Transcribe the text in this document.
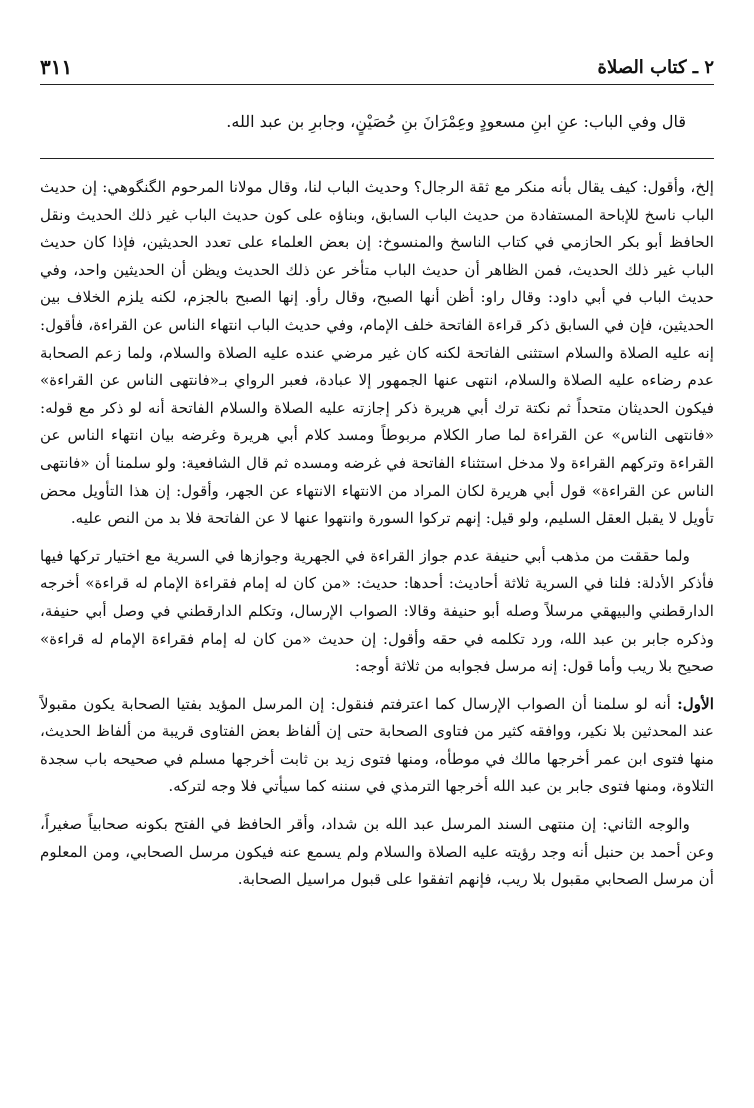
٢ ـ كتاب الصلاة
٣١١
قال وفي الباب: عنِ ابنِ مسعودٍ وعِمْرَانَ بنِ حُصَيْنٍ، وجابرِ بن عبد الله.

إلخ، وأقول: كيف يقال بأنه منكر مع ثقة الرجال؟ وحديث الباب لنا، وقال مولانا المرحوم الگنگوهي: إن حديث الباب ناسخ للإباحة المستفادة من حديث الباب السابق، وبناؤه على كون حديث الباب غير ذلك الحديث ونقل الحافظ أبو بكر الحازمي في كتاب الناسخ والمنسوخ: إن بعض العلماء على تعدد الحديثين، فإذا كان حديث الباب غير ذلك الحديث، فمن الظاهر أن حديث الباب متأخر عن ذلك الحديث ويظن أن الحديثين واحد، وفي حديث الباب في أبي داود: وقال راو: أظن أنها الصبح، وقال رأو. إنها الصبح بالجزم، لكنه يلزم الخلاف بين الحديثين، فإن في السابق ذكر قراءة الفاتحة خلف الإمام، وفي حديث الباب انتهاء الناس عن القراءة، فأقول: إنه عليه الصلاة والسلام استثنى الفاتحة لكنه كان غير مرضي عنده عليه الصلاة والسلام، ولما زعم الصحابة عدم رضاءه عليه الصلاة والسلام، انتهى عنها الجمهور إلا عبادة، فعبر الرواي بـ«فانتهى الناس عن القراءة» فيكون الحديثان متحداً ثم نكتة ترك أبي هريرة ذكر إجازته عليه الصلاة والسلام الفاتحة أنه لو ذكر مع قوله: «فانتهى الناس» عن القراءة لما صار الكلام مربوطاً ومسد كلام أبي هريرة وغرضه بيان انتهاء الناس عن القراءة وتركهم القراءة ولا مدخل استثناء الفاتحة في غرضه ومسده ثم قال الشافعية: ولو سلمنا أن «فانتهى الناس عن القراءة» قول أبي هريرة لكان المراد من الانتهاء الانتهاء عن الجهر، وأقول: إن هذا التأويل محض تأويل لا يقبل العقل السليم، ولو قيل: إنهم تركوا السورة وانتهوا عنها لا عن الفاتحة فلا بد من النص عليه.

ولما حققت من مذهب أبي حنيفة عدم جواز القراءة في الجهرية وجوازها في السرية مع اختيار تركها فيها فأذكر الأدلة: فلنا في السرية ثلاثة أحاديث: أحدها: حديث: «من كان له إمام فقراءة الإمام له قراءة» أخرجه الدارقطني والبيهقي مرسلاً وصله أبو حنيفة وقالا: الصواب الإرسال، وتكلم الدارقطني في وصل أبي حنيفة، وذكره جابر بن عبد الله، ورد تكلمه في حقه وأقول: إن حديث «من كان له إمام فقراءة الإمام له قراءة» صحيح بلا ريب وأما قول: إنه مرسل فجوابه من ثلاثة أوجه:

الأول: أنه لو سلمنا أن الصواب الإرسال كما اعترفتم فنقول: إن المرسل المؤيد بفتيا الصحابة يكون مقبولاً عند المحدثين بلا نكير، ووافقه كثير من فتاوى الصحابة حتى إن ألفاظ بعض الفتاوى قريبة من ألفاظ الحديث، منها فتوى ابن عمر أخرجها مالك في موطأه، ومنها فتوى زيد بن ثابت أخرجها مسلم في صحيحه باب سجدة التلاوة، ومنها فتوى جابر بن عبد الله أخرجها الترمذي في سننه كما سيأتي فلا وجه لتركه.

والوجه الثاني: إن منتهى السند المرسل عبد الله بن شداد، وأقر الحافظ في الفتح بكونه صحابياً صغيراً، وعن أحمد بن حنبل أنه وجد رؤيته عليه الصلاة والسلام ولم يسمع عنه فيكون مرسل الصحابي، ومن المعلوم أن مرسل الصحابي مقبول بلا ريب، فإنهم اتفقوا على قبول مراسيل الصحابة.
